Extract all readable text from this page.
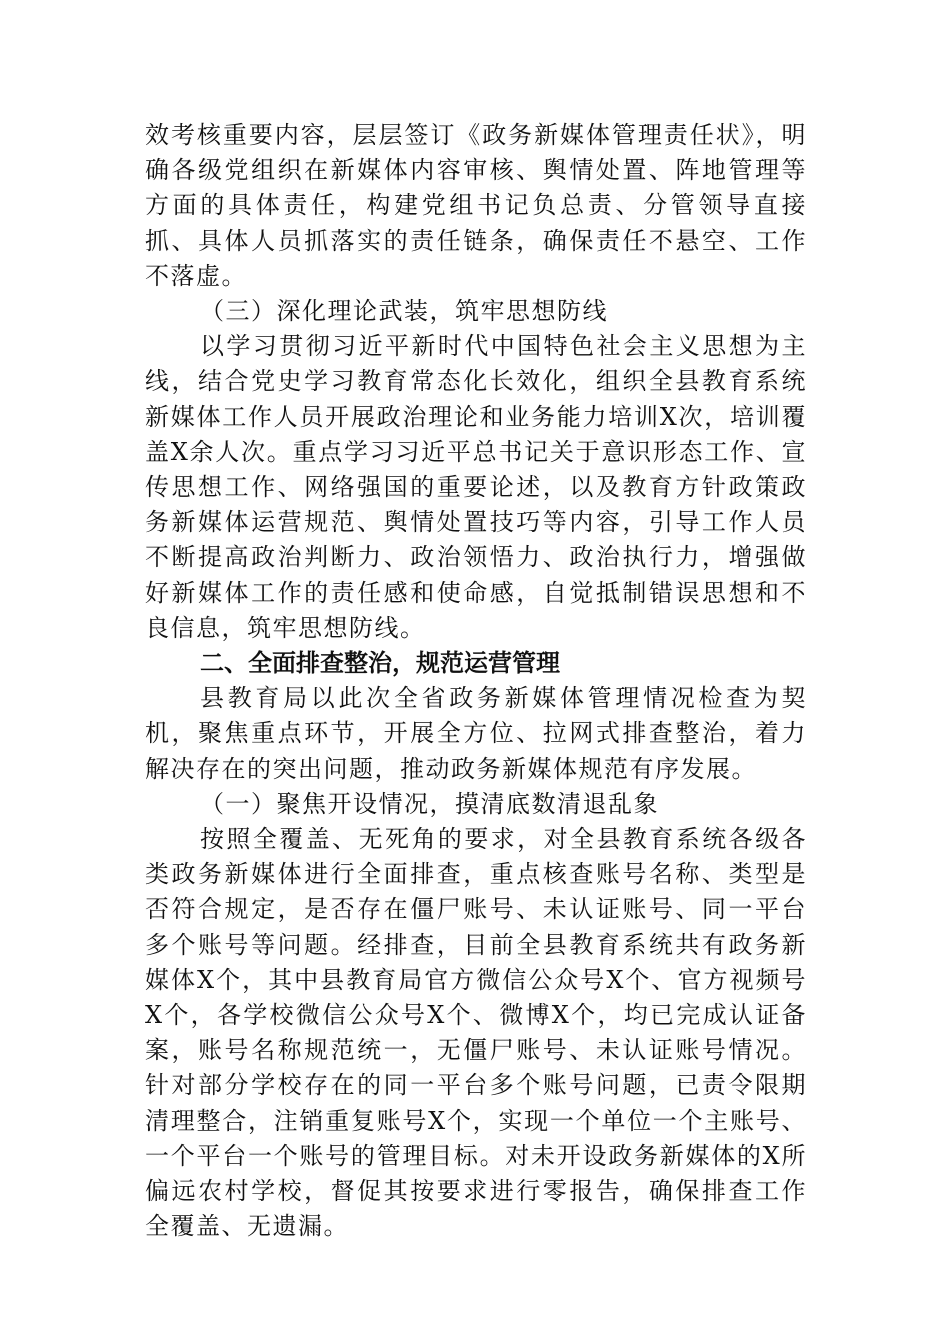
效考核重要内容，层层签订《政务新媒体管理责任状》，明确各级党组织在新媒体内容审核、舆情处置、阵地管理等方面的具体责任，构建党组书记负总责、分管领导直接抓、具体人员抓落实的责任链条，确保责任不悬空、工作不落虚。

（三）深化理论武装，筑牢思想防线

以学习贯彻习近平新时代中国特色社会主义思想为主线，结合党史学习教育常态化长效化，组织全县教育系统新媒体工作人员开展政治理论和业务能力培训X次，培训覆盖X余人次。重点学习习近平总书记关于意识形态工作、宣传思想工作、网络强国的重要论述，以及教育方针政策政务新媒体运营规范、舆情处置技巧等内容，引导工作人员不断提高政治判断力、政治领悟力、政治执行力，增强做好新媒体工作的责任感和使命感，自觉抵制错误思想和不良信息，筑牢思想防线。

二、全面排查整治，规范运营管理

县教育局以此次全省政务新媒体管理情况检查为契机，聚焦重点环节，开展全方位、拉网式排查整治，着力解决存在的突出问题，推动政务新媒体规范有序发展。

（一）聚焦开设情况，摸清底数清退乱象

按照全覆盖、无死角的要求，对全县教育系统各级各类政务新媒体进行全面排查，重点核查账号名称、类型是否符合规定，是否存在僵尸账号、未认证账号、同一平台多个账号等问题。经排查，目前全县教育系统共有政务新媒体X个，其中县教育局官方微信公众号X个、官方视频号X个，各学校微信公众号X个、微博X个，均已完成认证备案，账号名称规范统一，无僵尸账号、未认证账号情况。针对部分学校存在的同一平台多个账号问题，已责令限期清理整合，注销重复账号X个，实现一个单位一个主账号、一个平台一个账号的管理目标。对未开设政务新媒体的X所偏远农村学校，督促其按要求进行零报告，确保排查工作全覆盖、无遗漏。
